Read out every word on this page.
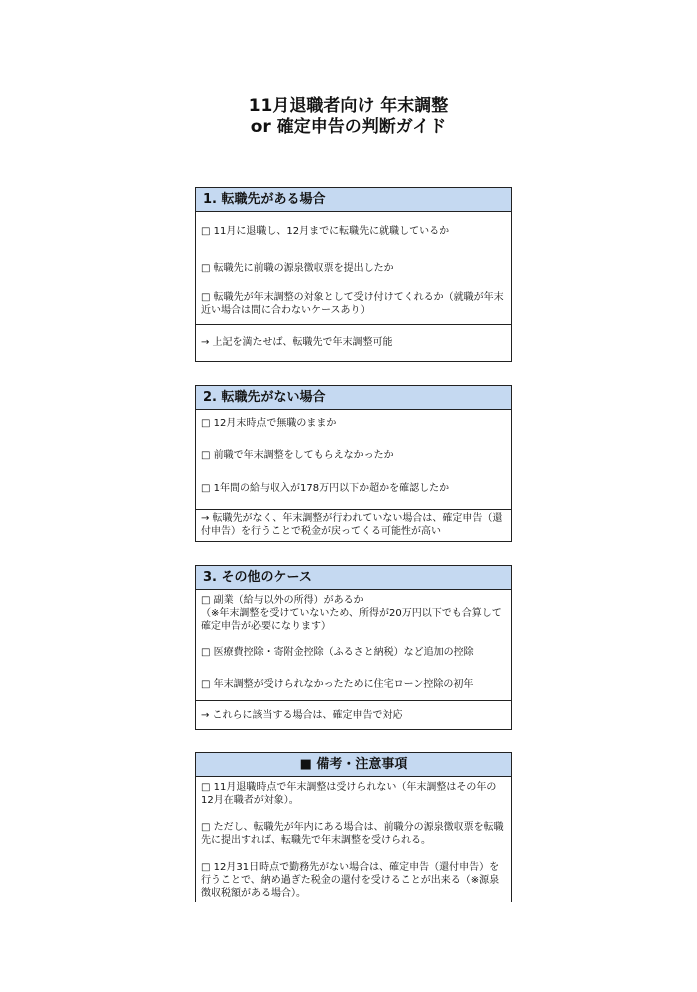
11月退職者向け 年末調整
or 確定申告の判断ガイド
1. 転職先がある場合
□ 11月に退職し、12月までに転職先に就職しているか
□ 転職先に前職の源泉徴収票を提出したか
□ 転職先が年末調整の対象として受け付けてくれるか（就職が年末近い場合は間に合わないケースあり）
→ 上記を満たせば、転職先で年末調整可能
2. 転職先がない場合
□ 12月末時点で無職のままか
□ 前職で年末調整をしてもらえなかったか
□ 1年間の給与収入が178万円以下か超かを確認したか
→ 転職先がなく、年末調整が行われていない場合は、確定申告（還付申告）を行うことで税金が戻ってくる可能性が高い
3. その他のケース
□ 副業（給与以外の所得）があるか
（※年末調整を受けていないため、所得が20万円以下でも合算して確定申告が必要になります）
□ 医療費控除・寄附金控除（ふるさと納税）など追加の控除
□ 年末調整が受けられなかったために住宅ローン控除の初年
→ これらに該当する場合は、確定申告で対応
■ 備考・注意事項
□ 11月退職時点で年末調整は受けられない（年末調整はその年の12月在職者が対象）。
□ ただし、転職先が年内にある場合は、前職分の源泉徴収票を転職先に提出すれば、転職先で年末調整を受けられる。
□ 12月31日時点で勤務先がない場合は、確定申告（還付申告）を行うことで、納め過ぎた税金の還付を受けることが出来る（※源泉徴収税額がある場合）。
